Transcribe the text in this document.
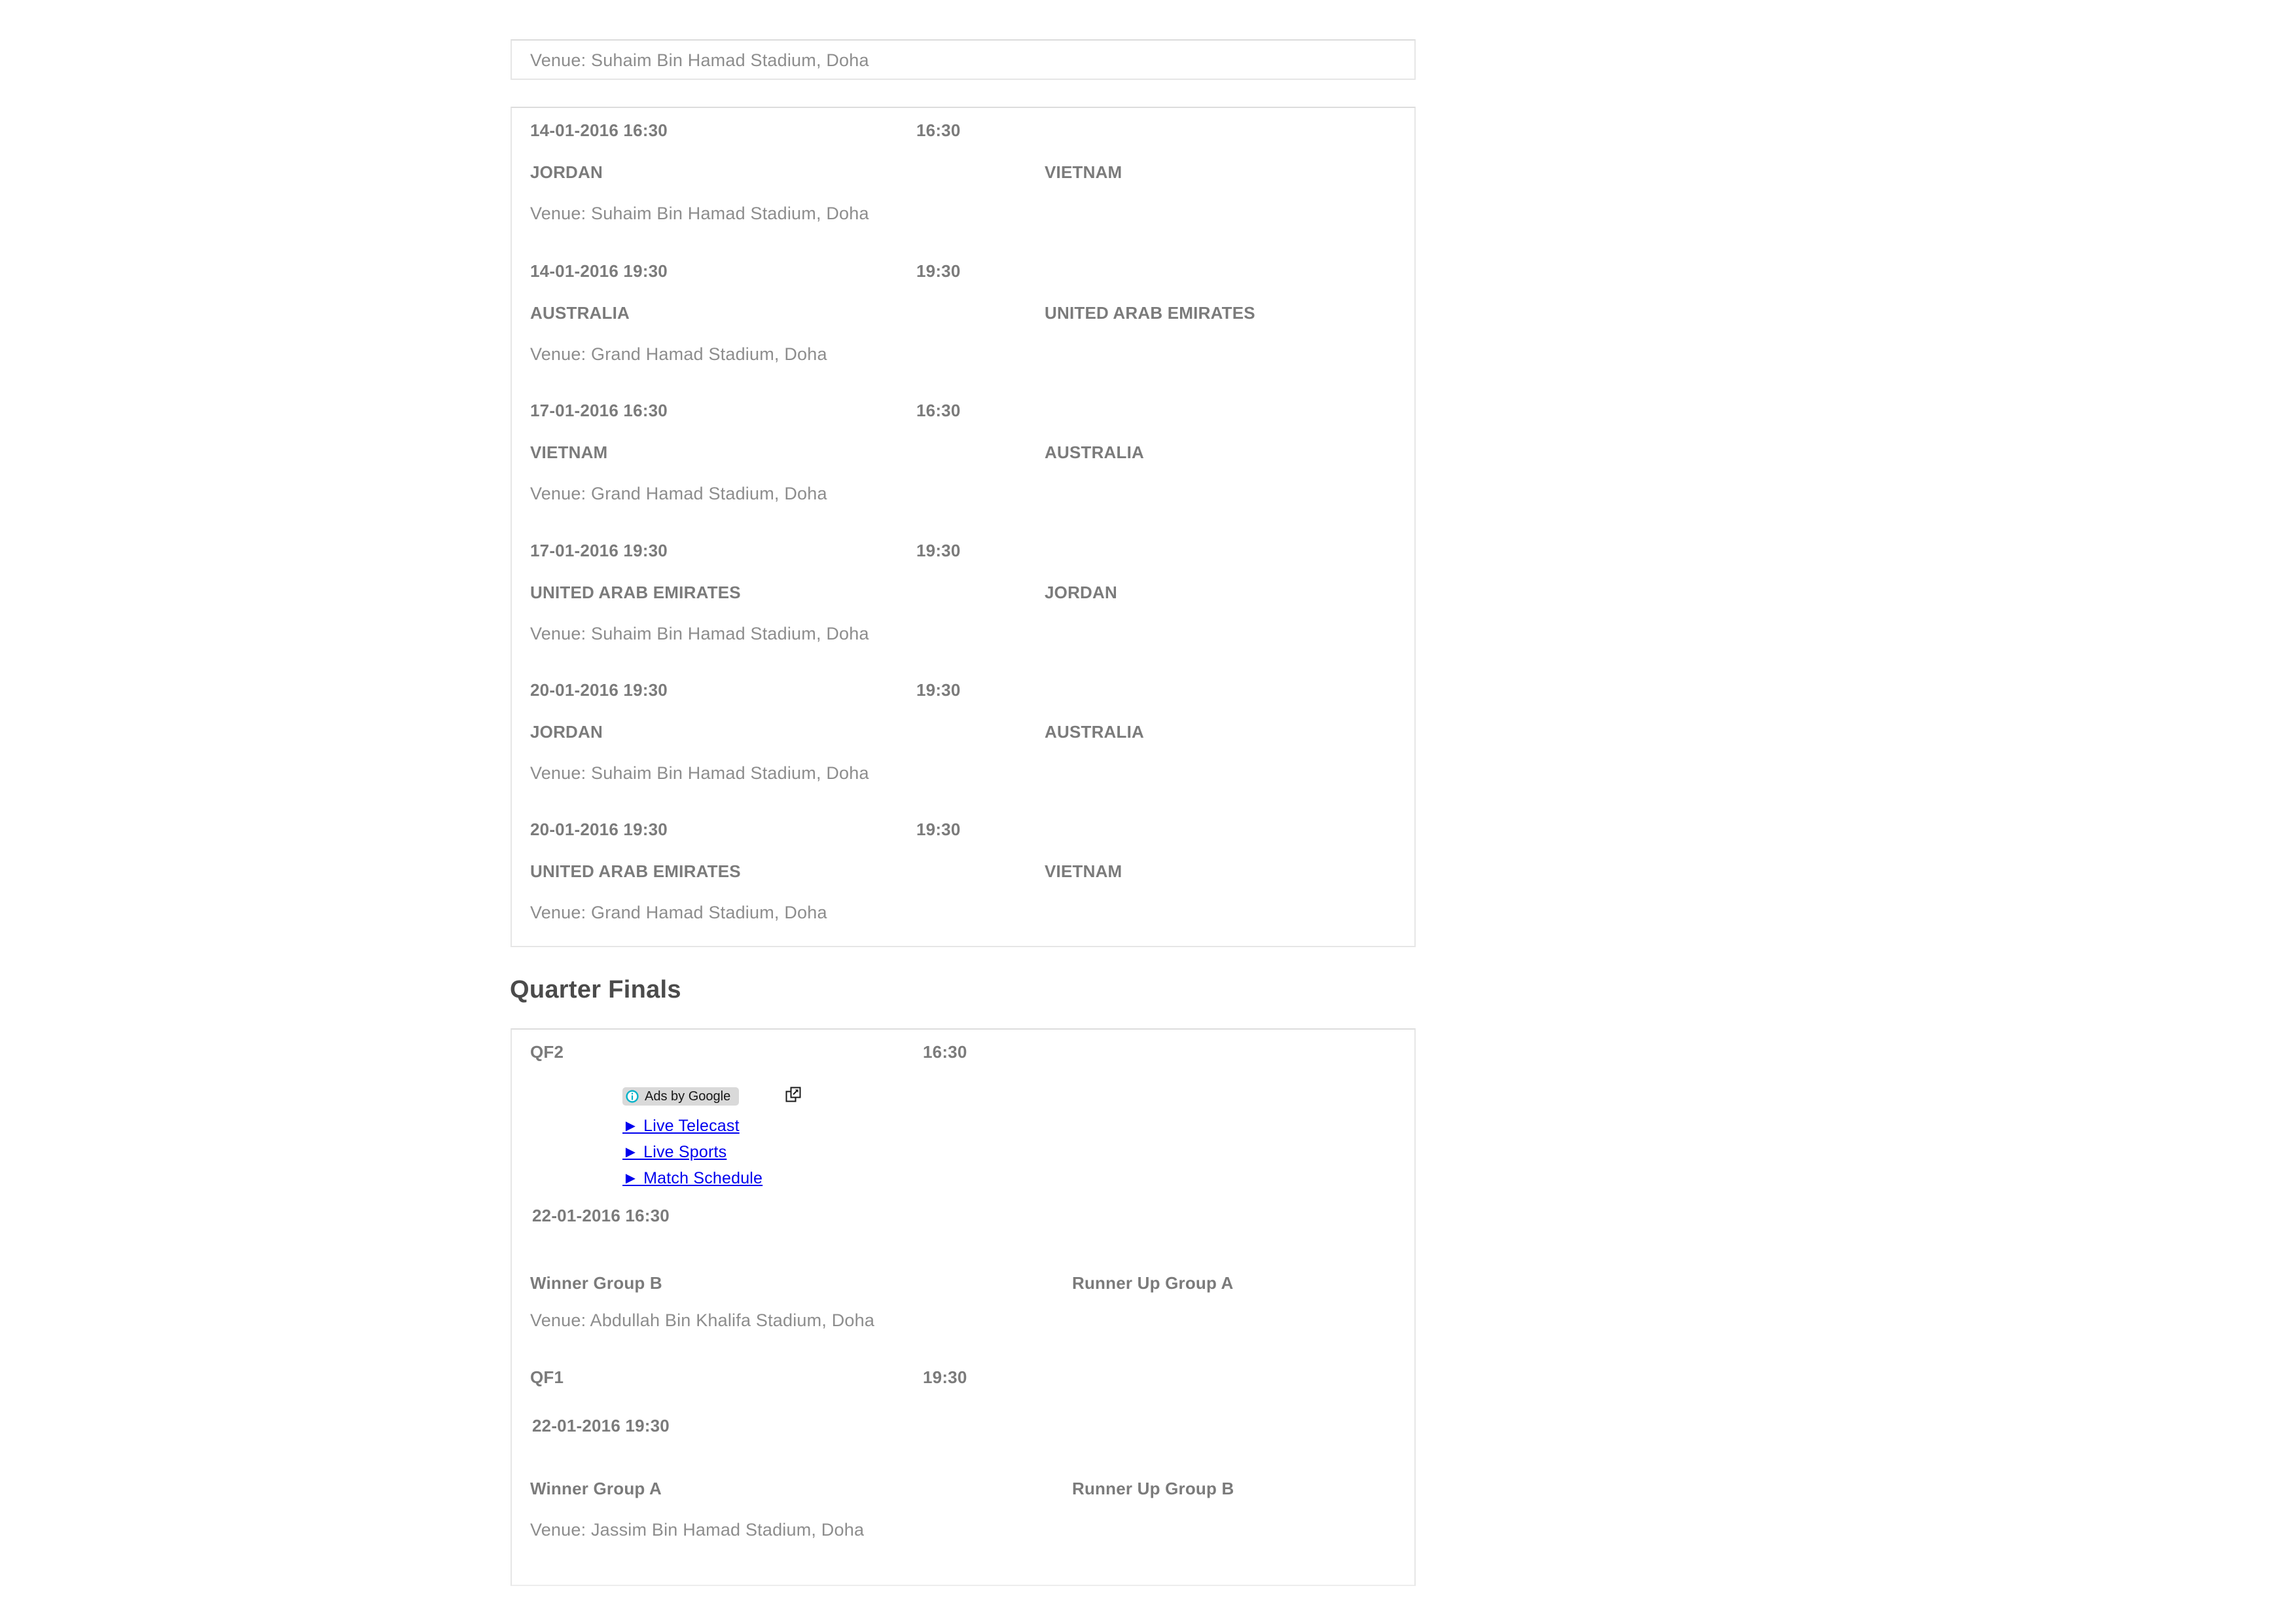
Venue: Suhaim Bin Hamad Stadium, Doha
14-01-2016 16:30	16:30
JORDAN	VIETNAM
Venue: Suhaim Bin Hamad Stadium, Doha
14-01-2016 19:30	19:30
AUSTRALIA	UNITED ARAB EMIRATES
Venue: Grand Hamad Stadium, Doha
17-01-2016 16:30	16:30
VIETNAM	AUSTRALIA
Venue: Grand Hamad Stadium, Doha
17-01-2016 19:30	19:30
UNITED ARAB EMIRATES	JORDAN
Venue: Suhaim Bin Hamad Stadium, Doha
20-01-2016 19:30	19:30
JORDAN	AUSTRALIA
Venue: Suhaim Bin Hamad Stadium, Doha
20-01-2016 19:30	19:30
UNITED ARAB EMIRATES	VIETNAM
Venue: Grand Hamad Stadium, Doha
Quarter Finals
QF2	16:30
Ads by Google
► Live Telecast
► Live Sports
► Match Schedule
22-01-2016 16:30
Winner Group B	Runner Up Group A
Venue: Abdullah Bin Khalifa Stadium, Doha
QF1	19:30
22-01-2016 19:30
Winner Group A	Runner Up Group B
Venue: Jassim Bin Hamad Stadium, Doha
